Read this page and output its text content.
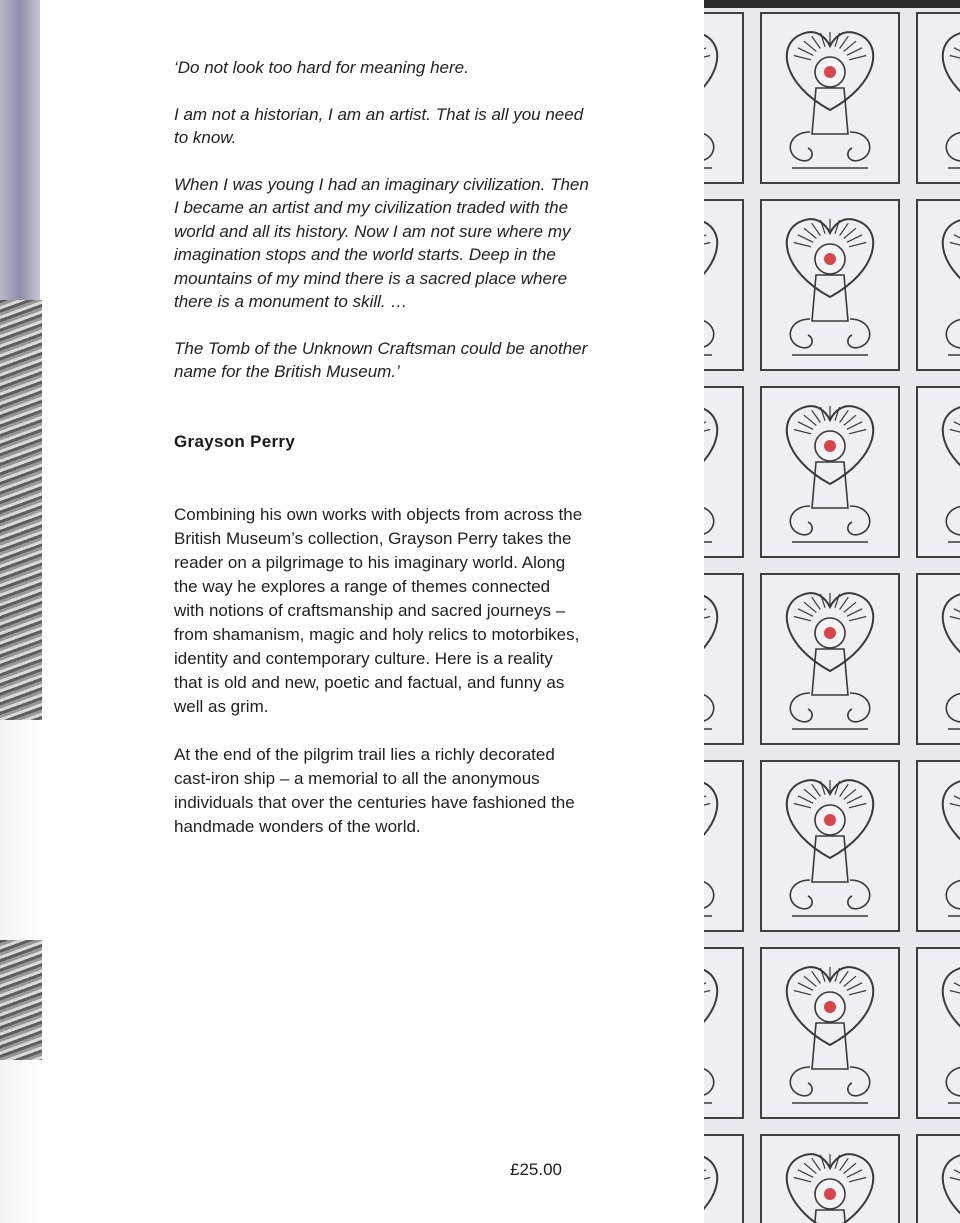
‘Do not look too hard for meaning here.

I am not a historian, I am an artist. That is all you need to know.

When I was young I had an imaginary civilization. Then I became an artist and my civilization traded with the world and all its history. Now I am not sure where my imagination stops and the world starts. Deep in the mountains of my mind there is a sacred place where there is a monument to skill. …

The Tomb of the Unknown Craftsman could be another name for the British Museum.’

Grayson Perry

Combining his own works with objects from across the British Museum’s collection, Grayson Perry takes the reader on a pilgrimage to his imaginary world. Along the way he explores a range of themes connected with notions of craftsmanship and sacred journeys – from shamanism, magic and holy relics to motorbikes, identity and contemporary culture. Here is a reality that is old and new, poetic and factual, and funny as well as grim.

At the end of the pilgrim trail lies a richly decorated cast-iron ship – a memorial to all the anonymous individuals that over the centuries have fashioned the handmade wonders of the world.

£25.00
